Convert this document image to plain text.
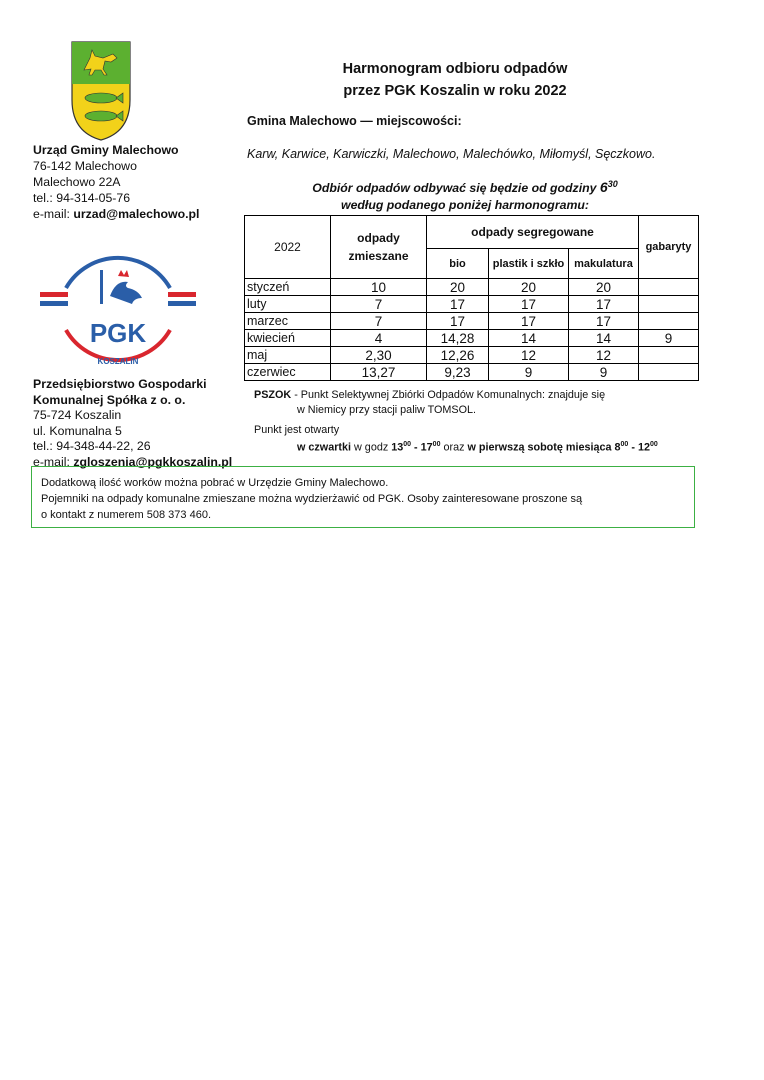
Urząd Gminy Malechowo
76-142 Malechowo
Malechowo 22A
tel.: 94-314-05-76
e-mail: urzad@malechowo.pl
PGK
KOSZALIN
Przedsiębiorstwo Gospodarki
Komunalnej Spółka z o. o.
75-724 Koszalin
ul. Komunalna 5
tel.: 94-348-44-22, 26
e-mail: zgloszenia@pgkkoszalin.pl
Harmonogram odbioru odpadów
przez PGK Koszalin w roku 2022
Gmina Malechowo — miejscowości:
Karw, Karwice, Karwiczki, Malechowo, Malechówko, Miłomyśl, Sęczkowo.
Odbiór odpadów odbywać się będzie od godziny $6^{30}$
według podanego poniżej harmonogramu:
2022	odpady zmieszane	odpady segregowane			gabaryty
		bio	plastik i szkło	makulatura	
styczeń	10	20	20	20	
luty	7	17	17	17	
marzec	7	17	17	17	
kwiecień	4	14,28	14	14	9
maj	2,30	12,26	12	12	
czerwiec	13,27	9,23	9	9	
PSZOK - Punkt Selektywnej Zbiórki Odpadów Komunalnych: znajduje się
w Niemicy przy stacji paliw TOMSOL.
Punkt jest otwarty
w czwartki w godz $13^{00} - 17^{00}$ oraz w pierwszą sobotę miesiąca $8^{00} - 12^{00}$
Dodatkową ilość worków można pobrać w Urzędzie Gminy Malechowo.
Pojemniki na odpady komunalne zmieszane można wydzierżawić od PGK. Osoby zainteresowane proszone są
o kontakt z numerem 508 373 460.
